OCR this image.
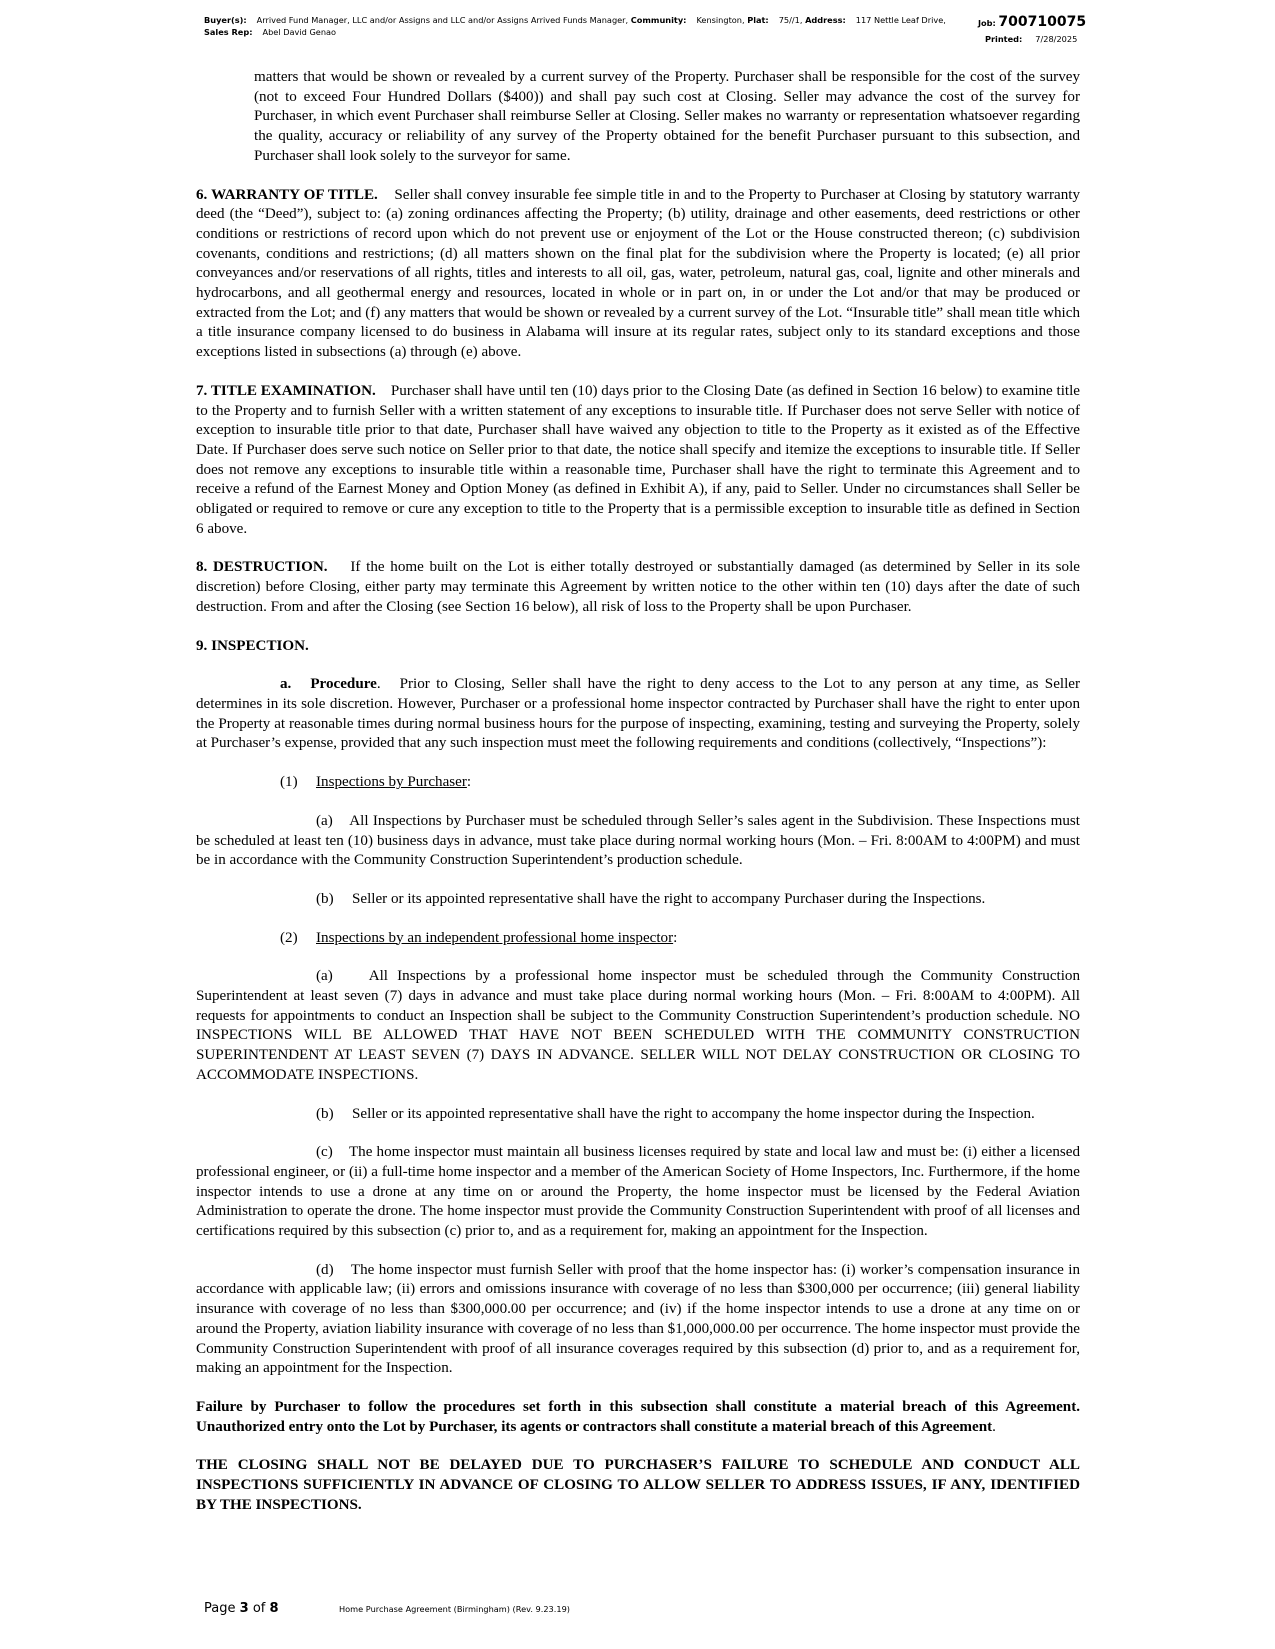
Buyer(s): Arrived Fund Manager, LLC and/or Assigns and LLC and/or Assigns Arrived Funds Manager, Community: Kensington, Plat: 75//1, Address: 117 Nettle Leaf Drive,
Sales Rep: Abel David Genao
Job: 700710075
Printed: 7/28/2025

matters that would be shown or revealed by a current survey of the Property. Purchaser shall be responsible for the cost of the survey (not to exceed Four Hundred Dollars ($400)) and shall pay such cost at Closing. Seller may advance the cost of the survey for Purchaser, in which event Purchaser shall reimburse Seller at Closing. Seller makes no warranty or representation whatsoever regarding the quality, accuracy or reliability of any survey of the Property obtained for the benefit Purchaser pursuant to this subsection, and Purchaser shall look solely to the surveyor for same.

6. WARRANTY OF TITLE. Seller shall convey insurable fee simple title in and to the Property to Purchaser at Closing by statutory warranty deed (the “Deed”), subject to: (a) zoning ordinances affecting the Property; (b) utility, drainage and other easements, deed restrictions or other conditions or restrictions of record upon which do not prevent use or enjoyment of the Lot or the House constructed thereon; (c) subdivision covenants, conditions and restrictions; (d) all matters shown on the final plat for the subdivision where the Property is located; (e) all prior conveyances and/or reservations of all rights, titles and interests to all oil, gas, water, petroleum, natural gas, coal, lignite and other minerals and hydrocarbons, and all geothermal energy and resources, located in whole or in part on, in or under the Lot and/or that may be produced or extracted from the Lot; and (f) any matters that would be shown or revealed by a current survey of the Lot. “Insurable title” shall mean title which a title insurance company licensed to do business in Alabama will insure at its regular rates, subject only to its standard exceptions and those exceptions listed in subsections (a) through (e) above.

7. TITLE EXAMINATION. Purchaser shall have until ten (10) days prior to the Closing Date (as defined in Section 16 below) to examine title to the Property and to furnish Seller with a written statement of any exceptions to insurable title. If Purchaser does not serve Seller with notice of exception to insurable title prior to that date, Purchaser shall have waived any objection to title to the Property as it existed as of the Effective Date. If Purchaser does serve such notice on Seller prior to that date, the notice shall specify and itemize the exceptions to insurable title. If Seller does not remove any exceptions to insurable title within a reasonable time, Purchaser shall have the right to terminate this Agreement and to receive a refund of the Earnest Money and Option Money (as defined in Exhibit A), if any, paid to Seller. Under no circumstances shall Seller be obligated or required to remove or cure any exception to title to the Property that is a permissible exception to insurable title as defined in Section 6 above.

8. DESTRUCTION. If the home built on the Lot is either totally destroyed or substantially damaged (as determined by Seller in its sole discretion) before Closing, either party may terminate this Agreement by written notice to the other within ten (10) days after the date of such destruction. From and after the Closing (see Section 16 below), all risk of loss to the Property shall be upon Purchaser.

9. INSPECTION.

a. Procedure.   Prior to Closing, Seller shall have the right to deny access to the Lot to any person at any time, as Seller determines in its sole discretion. However, Purchaser or a professional home inspector contracted by Purchaser shall have the right to enter upon the Property at reasonable times during normal business hours for the purpose of inspecting, examining, testing and surveying the Property, solely at Purchaser’s expense, provided that any such inspection must meet the following requirements and conditions (collectively, “Inspections”):

(1) Inspections by Purchaser:

(a) All Inspections by Purchaser must be scheduled through Seller’s sales agent in the Subdivision. These Inspections must be scheduled at least ten (10) business days in advance, must take place during normal working hours (Mon. – Fri. 8:00AM to 4:00PM) and must be in accordance with the Community Construction Superintendent’s production schedule.

(b) Seller or its appointed representative shall have the right to accompany Purchaser during the Inspections.

(2) Inspections by an independent professional home inspector:

(a) All Inspections by a professional home inspector must be scheduled through the Community Construction Superintendent at least seven (7) days in advance and must take place during normal working hours (Mon. – Fri. 8:00AM to 4:00PM). All requests for appointments to conduct an Inspection shall be subject to the Community Construction Superintendent’s production schedule. NO INSPECTIONS WILL BE ALLOWED THAT HAVE NOT BEEN SCHEDULED WITH THE COMMUNITY CONSTRUCTION SUPERINTENDENT AT LEAST SEVEN (7) DAYS IN ADVANCE. SELLER WILL NOT DELAY CONSTRUCTION OR CLOSING TO ACCOMMODATE INSPECTIONS.

(b) Seller or its appointed representative shall have the right to accompany the home inspector during the Inspection.

(c) The home inspector must maintain all business licenses required by state and local law and must be: (i) either a licensed professional engineer, or (ii) a full-time home inspector and a member of the American Society of Home Inspectors, Inc. Furthermore, if the home inspector intends to use a drone at any time on or around the Property, the home inspector must be licensed by the Federal Aviation Administration to operate the drone. The home inspector must provide the Community Construction Superintendent with proof of all licenses and certifications required by this subsection (c) prior to, and as a requirement for, making an appointment for the Inspection.

(d) The home inspector must furnish Seller with proof that the home inspector has: (i) worker’s compensation insurance in accordance with applicable law; (ii) errors and omissions insurance with coverage of no less than $300,000 per occurrence; (iii) general liability insurance with coverage of no less than $300,000.00 per occurrence; and (iv) if the home inspector intends to use a drone at any time on or around the Property, aviation liability insurance with coverage of no less than $1,000,000.00 per occurrence. The home inspector must provide the Community Construction Superintendent with proof of all insurance coverages required by this subsection (d) prior to, and as a requirement for, making an appointment for the Inspection.

Failure by Purchaser to follow the procedures set forth in this subsection shall constitute a material breach of this Agreement. Unauthorized entry onto the Lot by Purchaser, its agents or contractors shall constitute a material breach of this Agreement.

THE CLOSING SHALL NOT BE DELAYED DUE TO PURCHASER’S FAILURE TO SCHEDULE AND CONDUCT ALL INSPECTIONS SUFFICIENTLY IN ADVANCE OF CLOSING TO ALLOW SELLER TO ADDRESS ISSUES, IF ANY, IDENTIFIED BY THE INSPECTIONS.

Page 3 of 8	Home Purchase Agreement (Birmingham) (Rev. 9.23.19)
